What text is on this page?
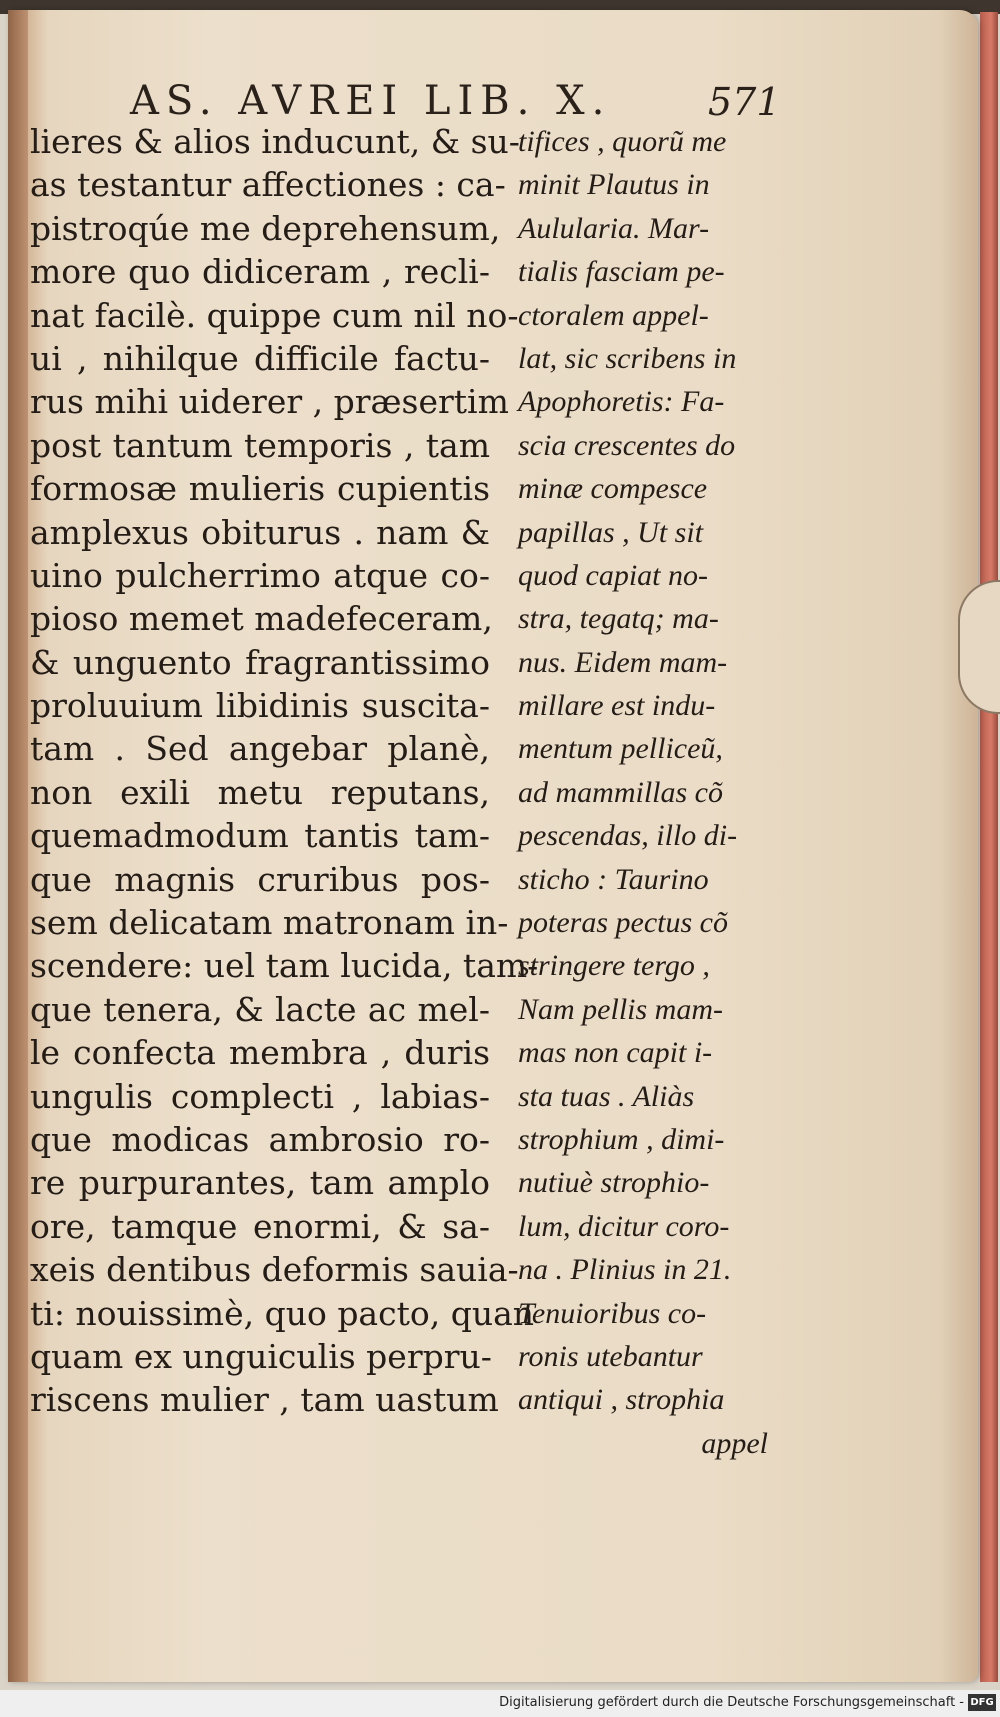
AS. AVREI LIB. X.	571
lieres & alios inducunt, & su-
as testantur affectiones : ca-
pistroqúe me deprehensum,
more quo didiceram , recli-
nat facilè. quippe cum nil no-
ui , nihilque difficile factu-
rus mihi uiderer , præsertim
post tantum temporis , tam
formosæ mulieris cupientis
amplexus obiturus . nam &
uino pulcherrimo atque co-
pioso memet madefeceram,
& unguento fragrantissimo
proluuium libidinis suscita-
tam . Sed angebar planè,
non exili metu reputans,
quemadmodum tantis tam-
que magnis cruribus pos-
sem delicatam matronam in-
scendere: uel tam lucida, tam-
que tenera, & lacte ac mel-
le confecta membra , duris
ungulis complecti , labias-
que modicas ambrosio ro-
re purpurantes, tam amplo
ore, tamque enormi, & sa-
xeis dentibus deformis sauia-
ti: nouissimè, quo pacto, quan
quam ex unguiculis perpru-
riscens mulier , tam uastum
tifices , quorũ me
minit Plautus in
Aulularia. Mar-
tialis fasciam pe-
ctoralem appel-
lat, sic scribens in
Apophoretis: Fa-
scia crescentes do
minæ compesce
papillas , Ut sit
quod capiat no-
stra, tegatq; ma-
nus. Eidem mam-
millare est indu-
mentum pelliceũ,
ad mammillas cõ
pescendas, illo di-
sticho : Taurino
poteras pectus cõ
stringere tergo ,
Nam pellis mam-
mas non capit i-
sta tuas . Aliàs
strophium , dimi-
nutiuè strophio-
lum, dicitur coro-
na . Plinius in 21.
Tenuioribus co-
ronis utebantur
antiqui , strophia
appel
Digitalisierung gefördert durch die Deutsche Forschungsgemeinschaft - DFG
